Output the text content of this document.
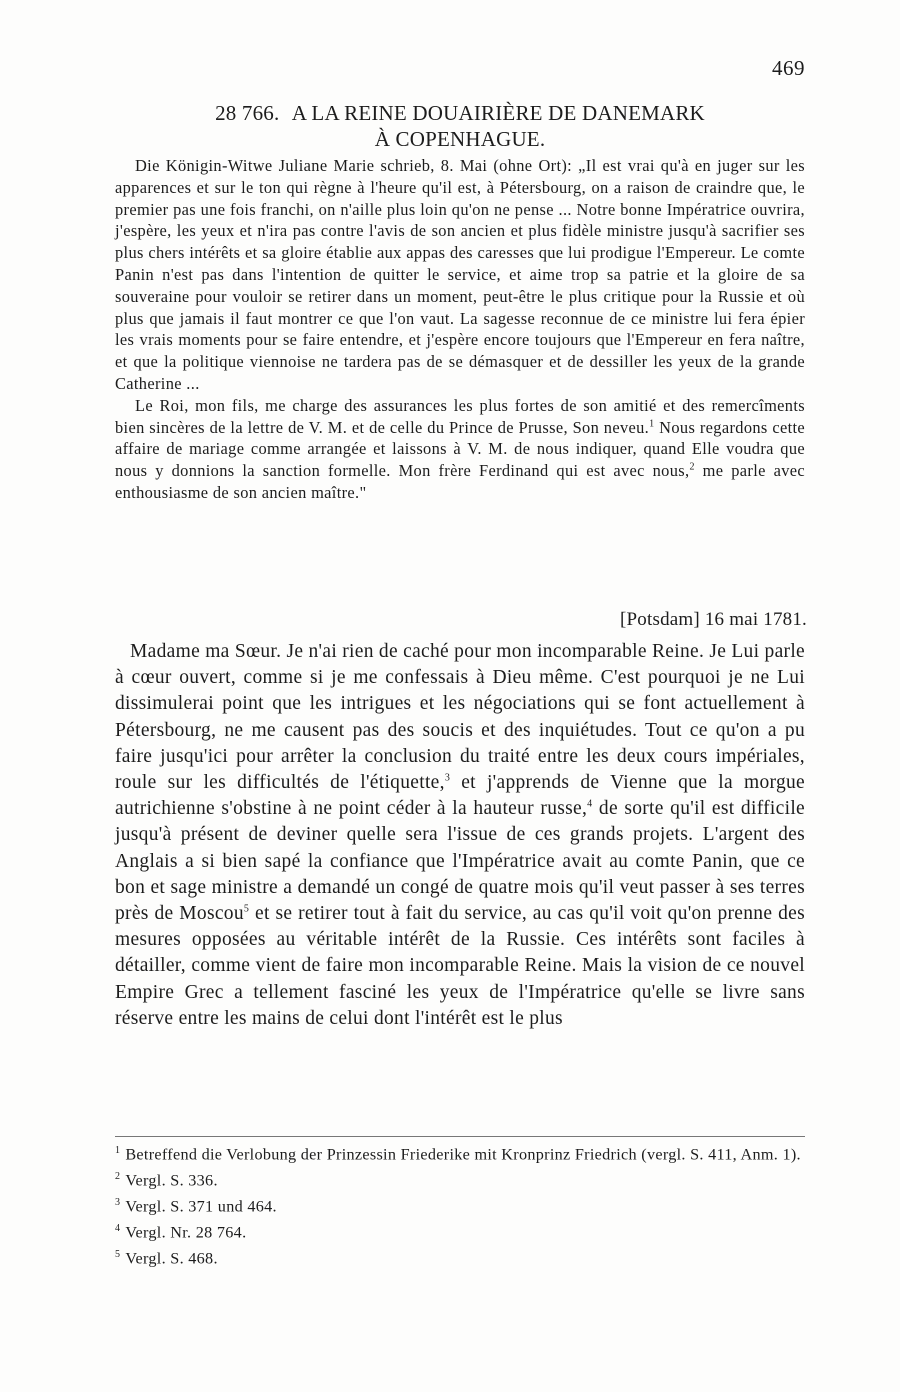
469
28 766. A LA REINE DOUAIRIÈRE DE DANEMARK
À COPENHAGUE.

Die Königin-Witwe Juliane Marie schrieb, 8. Mai (ohne Ort): „Il est vrai qu'à en juger sur les apparences et sur le ton qui règne à l'heure qu'il est, à Pétersbourg, on a raison de craindre que, le premier pas une fois franchi, on n'aille plus loin qu'on ne pense ... Notre bonne Impératrice ouvrira, j'espère, les yeux et n'ira pas contre l'avis de son ancien et plus fidèle ministre jusqu'à sacrifier ses plus chers intérêts et sa gloire établie aux appas des caresses que lui prodigue l'Empereur. Le comte Panin n'est pas dans l'intention de quitter le service, et aime trop sa patrie et la gloire de sa souveraine pour vouloir se retirer dans un moment, peut-être le plus critique pour la Russie et où plus que jamais il faut montrer ce que l'on vaut. La sagesse reconnue de ce ministre lui fera épier les vrais moments pour se faire entendre, et j'espère encore toujours que l'Empereur en fera naître, et que la politique viennoise ne tardera pas de se démasquer et de dessiller les yeux de la grande Catherine ...

Le Roi, mon fils, me charge des assurances les plus fortes de son amitié et des remercîments bien sincères de la lettre de V. M. et de celle du Prince de Prusse, Son neveu.$^1$ Nous regardons cette affaire de mariage comme arrangée et laissons à V. M. de nous indiquer, quand Elle voudra que nous y donnions la sanction formelle. Mon frère Ferdinand qui est avec nous,$^2$ me parle avec enthousiasme de son ancien maître."

[Potsdam] 16 mai 1781.

Madame ma Sœur. Je n'ai rien de caché pour mon incomparable Reine. Je Lui parle à cœur ouvert, comme si je me confessais à Dieu même. C'est pourquoi je ne Lui dissimulerai point que les intrigues et les négociations qui se font actuellement à Pétersbourg, ne me causent pas des soucis et des inquiétudes. Tout ce qu'on a pu faire jusqu'ici pour arrêter la conclusion du traité entre les deux cours impériales, roule sur les difficultés de l'étiquette,$^3$ et j'apprends de Vienne que la morgue autrichienne s'obstine à ne point céder à la hauteur russe,$^4$ de sorte qu'il est difficile jusqu'à présent de deviner quelle sera l'issue de ces grands projets. L'argent des Anglais a si bien sapé la confiance que l'Impératrice avait au comte Panin, que ce bon et sage ministre a demandé un congé de quatre mois qu'il veut passer à ses terres près de Moscou$^5$ et se retirer tout à fait du service, au cas qu'il voit qu'on prenne des mesures opposées au véritable intérêt de la Russie. Ces intérêts sont faciles à détailler, comme vient de faire mon incomparable Reine. Mais la vision de ce nouvel Empire Grec a tellement fasciné les yeux de l'Impératrice qu'elle se livre sans réserve entre les mains de celui dont l'intérêt est le plus

$^1$ Betreffend die Verlobung der Prinzessin Friederike mit Kronprinz Friedrich (vergl. S. 411, Anm. 1).

$^2$ Vergl. S. 336.

$^3$ Vergl. S. 371 und 464.

$^4$ Vergl. Nr. 28 764.

$^5$ Vergl. S. 468.
